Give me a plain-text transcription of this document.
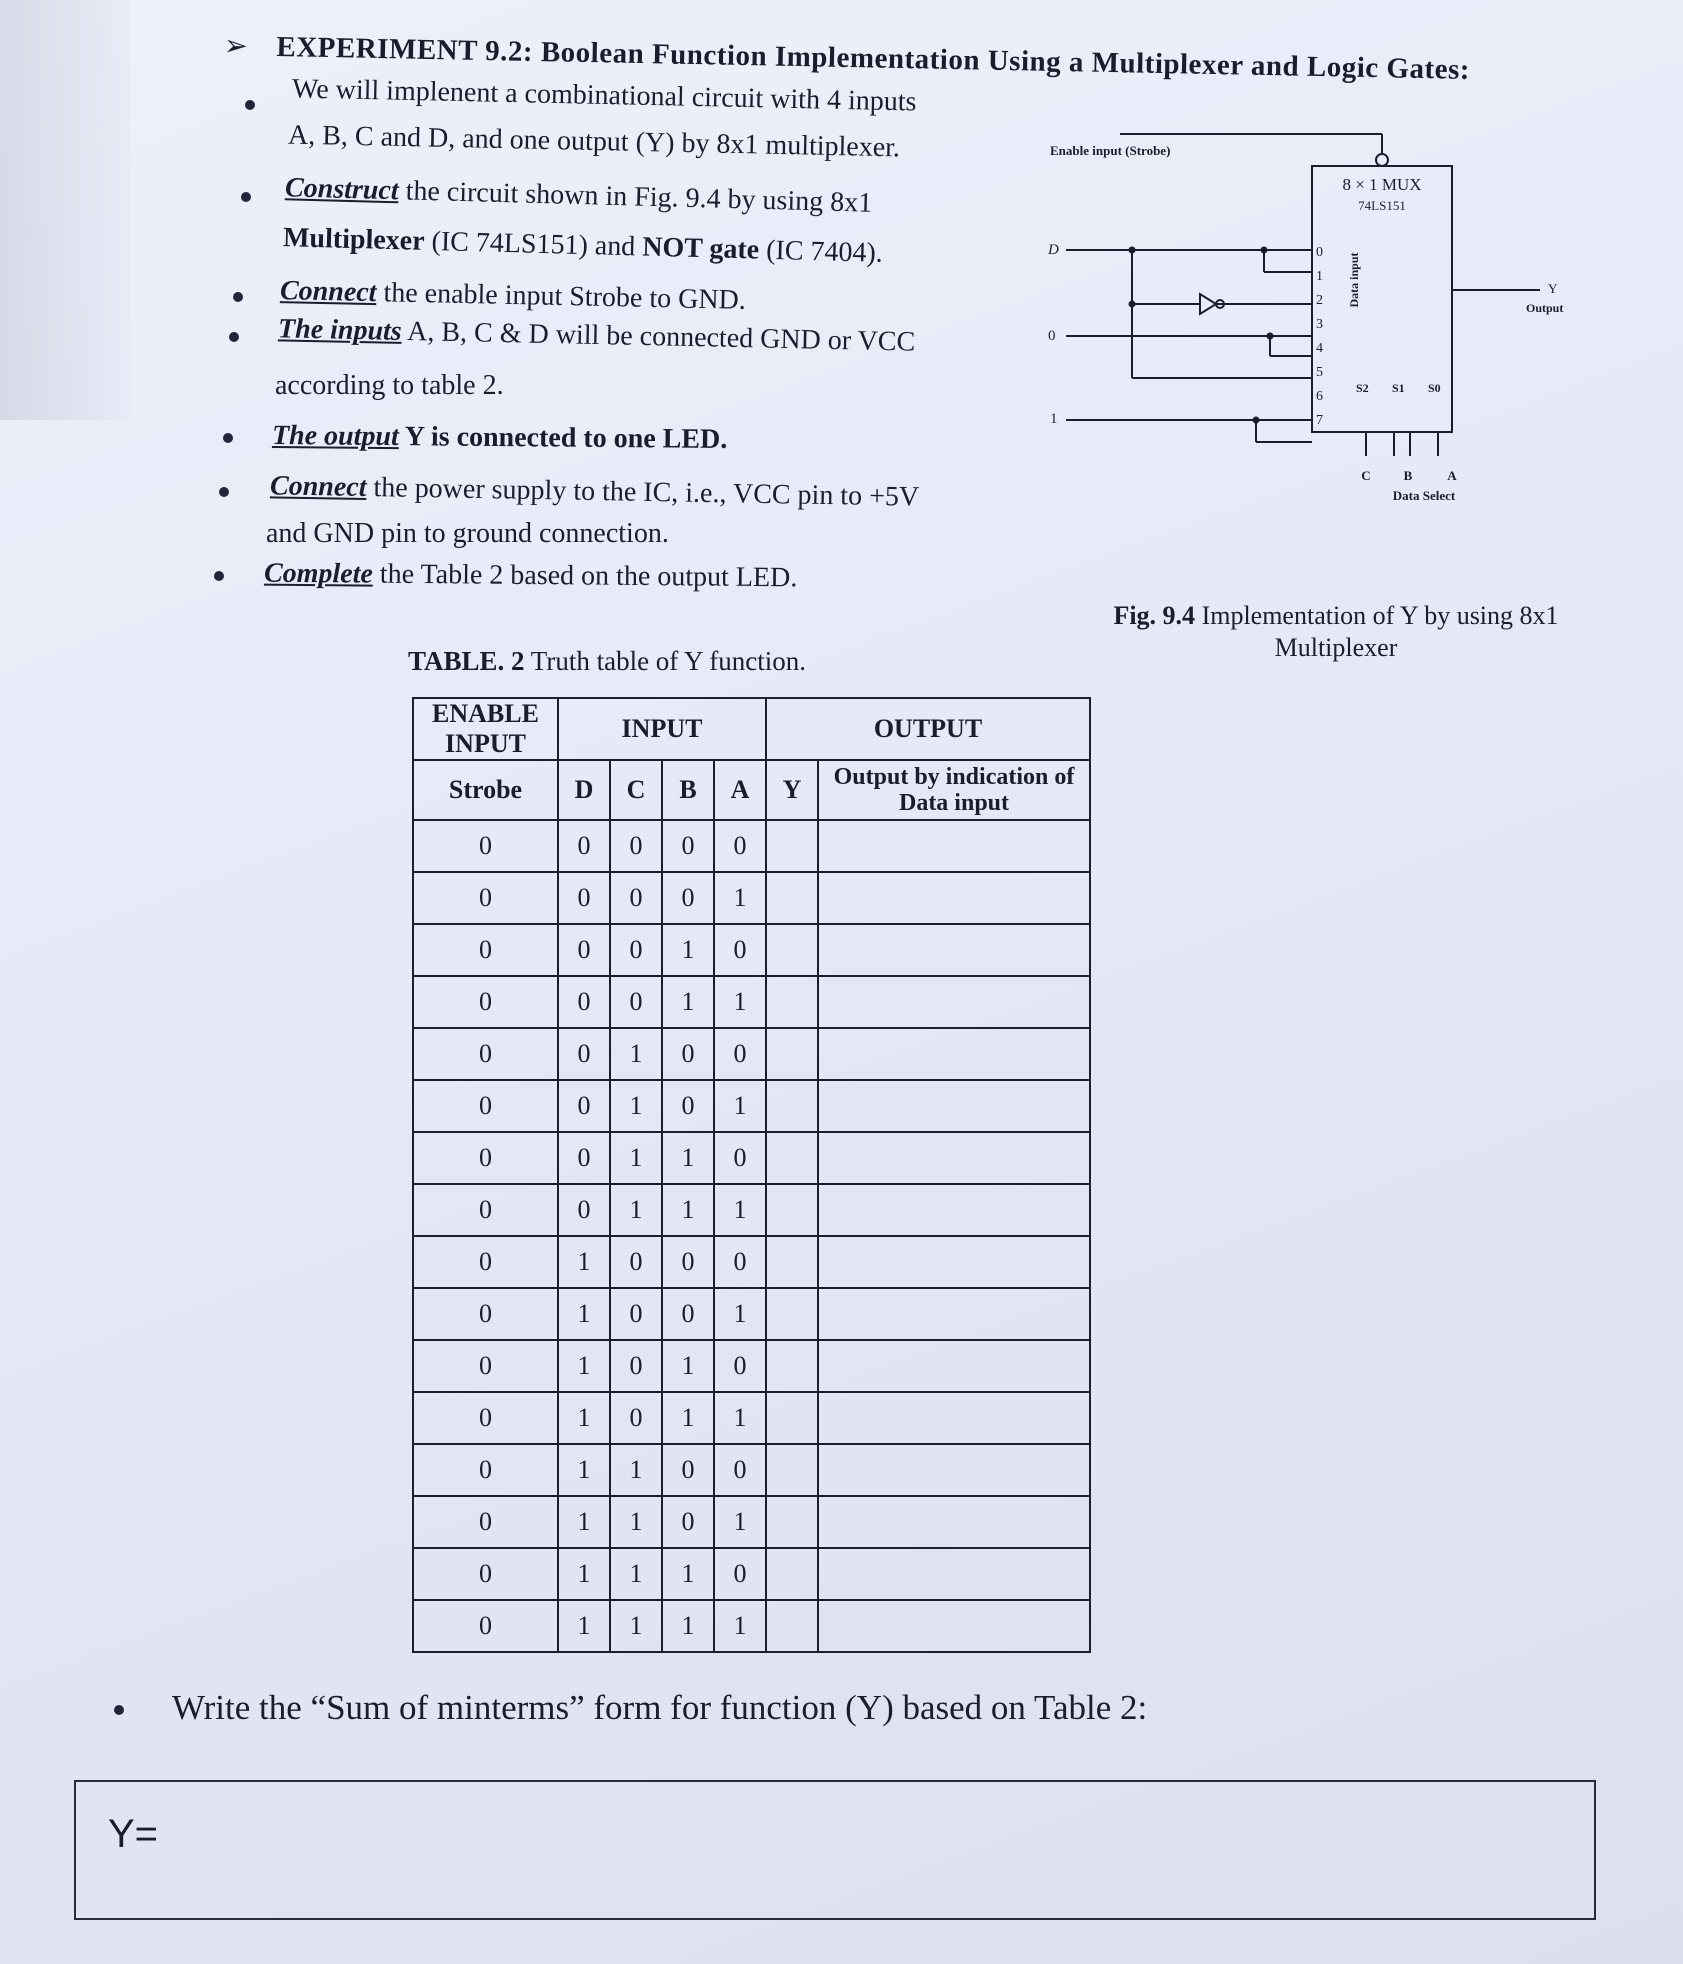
➢ EXPERIMENT 9.2: Boolean Function Implementation Using a Multiplexer and Logic Gates:
We will implenent a combinational circuit with 4 inputs
A, B, C and D, and one output (Y) by 8x1 multiplexer.
Construct the circuit shown in Fig. 9.4 by using 8x1
Multiplexer (IC 74LS151) and NOT gate (IC 7404).
Connect the enable input Strobe to GND.
The inputs A, B, C & D will be connected GND or VCC
according to table 2.
The output Y is connected to one LED.
Connect the power supply to the IC, i.e., VCC pin to +5V
and GND pin to ground connection.
Complete the Table 2 based on the output LED.
Enable input (Strobe)
8 × 1 MUX
74LS151
Data input
0
1
2
3
4
5
6
7
D
0
1
Y
Output
S2 S1 S0
C	B	A
Data Select
Fig. 9.4 Implementation of Y by using 8x1 Multiplexer
TABLE. 2 Truth table of Y function.
ENABLE INPUT	INPUT				OUTPUT	
Strobe	D	C	B	A	Y	Output by indication of Data input
0	0	0	0	0		
0	0	0	0	1		
0	0	0	1	0		
0	0	0	1	1		
0	0	1	0	0		
0	0	1	0	1		
0	0	1	1	0		
0	0	1	1	1		
0	1	0	0	0		
0	1	0	0	1		
0	1	0	1	0		
0	1	0	1	1		
0	1	1	0	0		
0	1	1	0	1		
0	1	1	1	0		
0	1	1	1	1		
Write the “Sum of minterms” form for function (Y) based on Table 2:
Y=
